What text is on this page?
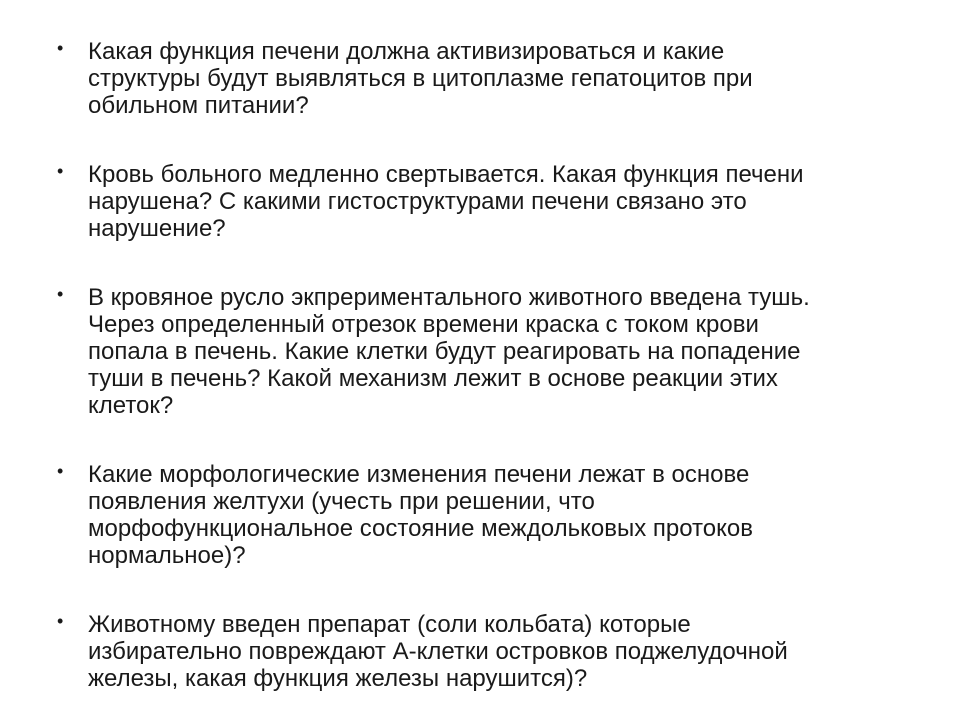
• Какая функция печени должна активизироваться и какие
структуры будут выявляться в цитоплазме гепатоцитов при
обильном питании?
• Кровь больного медленно свертывается. Какая функция печени
нарушена? С какими гистоструктурами печени связано это
нарушение?
• В кровяное русло экпрериментального животного введена тушь.
Через определенный отрезок времени краска с током крови
попала в печень. Какие клетки будут реагировать на попадение
туши в печень? Какой механизм лежит в основе реакции этих
клеток?
• Какие морфологические изменения печени лежат в основе
появления желтухи (учесть при решении, что
морфофункциональное состояние междольковых протоков
нормальное)?
• Животному введен препарат (соли кольбата) которые
избирательно повреждают А-клетки островков поджелудочной
железы, какая функция железы нарушится)?
